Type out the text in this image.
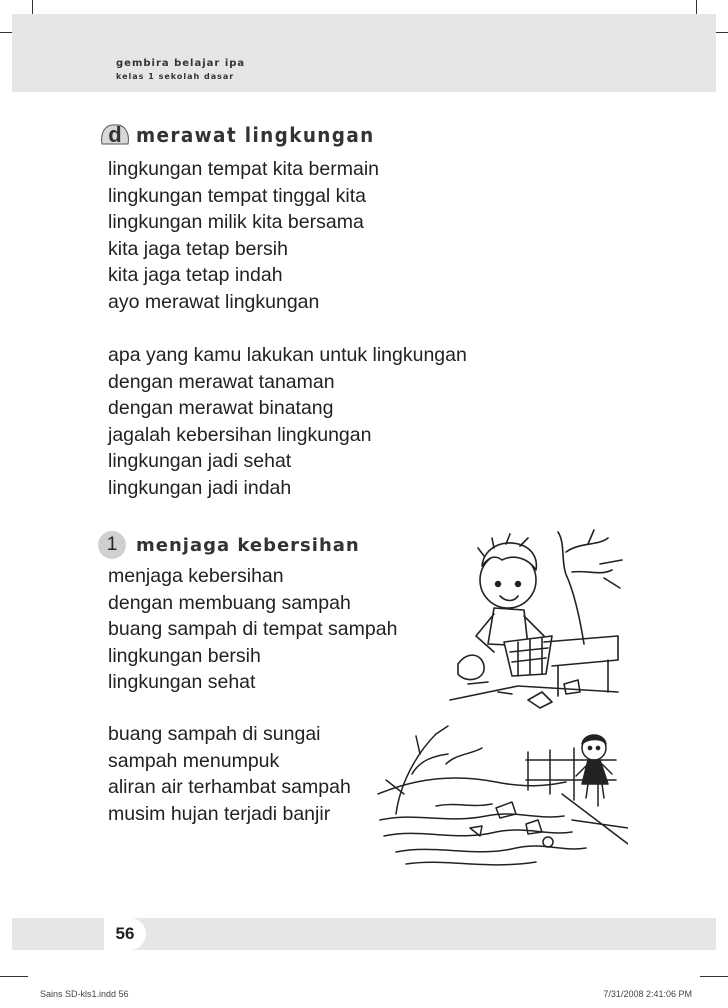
gembira belajar ipa
kelas 1 sekolah dasar
d merawat lingkungan
lingkungan tempat kita bermain
lingkungan tempat tinggal kita
lingkungan milik kita bersama
kita jaga tetap bersih
kita jaga tetap indah
ayo merawat lingkungan
apa yang kamu lakukan untuk lingkungan
dengan merawat tanaman
dengan merawat binatang
jagalah kebersihan lingkungan
lingkungan jadi sehat
lingkungan jadi indah
1	menjaga kebersihan
menjaga kebersihan
dengan membuang sampah
buang sampah di tempat sampah
lingkungan bersih
lingkungan sehat
buang sampah di sungai
sampah menumpuk
aliran air terhambat sampah
musim hujan terjadi banjir
56
Sains SD-kls1.indd 56	7/31/2008 2:41:06 PM
